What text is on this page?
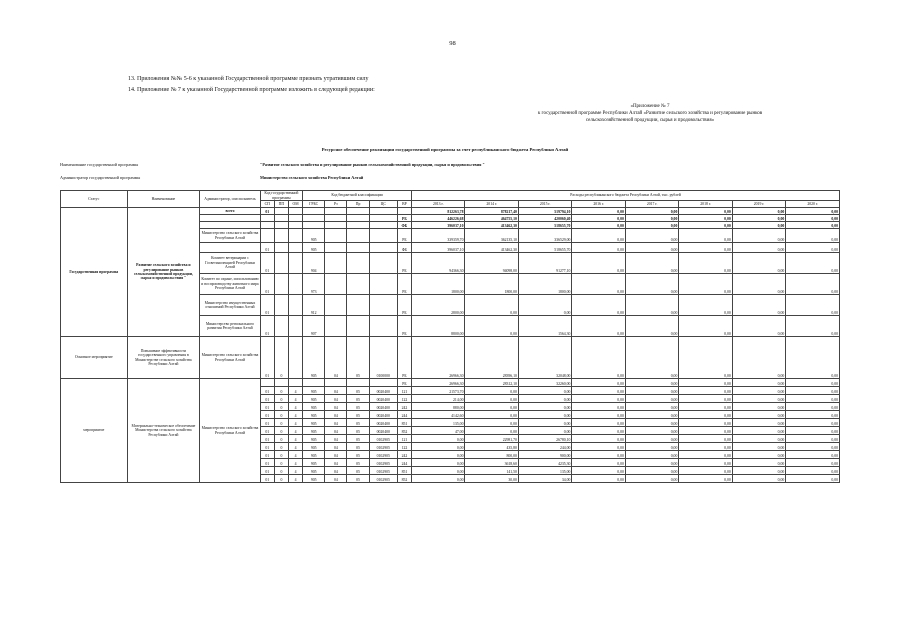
98
13. Приложения №№ 5-6 к указанной Государственной программе признать утратившим силу
14. Приложение № 7 к указанной Государственной программе изложить в следующей редакции:
«Приложение № 7
к государственной программе Республики Алтай «Развитие сельского хозяйства и регулирование рынков
сельскохозяйственной продукции, сырья и продовольствия»
Ресурсное обеспечение реализации государственной программы за счет республиканского бюджета Республики Алтай
Наименование государственной программы	"Развитие сельского хозяйства и регулирование рынков сельскохозяйственной продукции, сырья и продовольствия "
Администратор государственной программы	Министерство сельского хозяйства Республики Алтай
Статус	Наименование	Администратор, соисполнитель	Код государственной программы			Код бюджетной классификации					Расходы республиканского бюджета Республики Алтай, тыс. рублей							
			СП	ПП	ОМ	ГРБС	Рз	Пр	ЦС	ВР	2013 г.	2014 г.	2015 г.	2016 г.	2017 г.	2018 г.	2019 г.	2020 г.
Государственная программа	Развитие сельского хозяйства и регулирование рынков сельскохозяйственной продукции, сырья и продовольствия "	всего	01								812263,78	878217,40	519794,10	0,00	0,00	0,00	0,00	0,00
										РБ	446226,68	464755,10	420060,40	0,00	0,00	0,00	0,00	0,00
										ФБ	396037,10	413462,30	518655,70	0,00	0,00	0,00	0,00	0,00
		Министерство сельского хозяйства Республики Алтай				905				РБ	339359,70	362135,10	336529,00	0,00	0,00	0,00	0,00	0,00
			01			905				ФБ	396037,10	413462,30	518655,70	0,00	0,00	0,00	0,00	0,00
		Комитет ветеринарии с Госветинспекцией Республики Алтай	01			904				РБ	94366,30	94098,00	91277,10	0,00	0,00	0,00	0,00	0,00
		Комитет по охране, использованию и воспроизводству животного мира Республики Алтай	01			973				РБ	1800,00	1800,00	1800,00	0,00	0,00	0,00	0,00	0,00
		Министерство имущественных отношений Республики Алтай	01			912				РБ	2800,00	0,00	0,00	0,00	0,00	0,00	0,00	0,00
		Министерство регионального развития Республики Алтай	01			907				РБ	8800,00	0,00	1564,30	0,00	0,00	0,00	0,00	0,00
Основное мероприятие	Повышение эффективности государственного управления в Министерстве сельского хозяйства Республики Алтай	Министерство сельского хозяйства Республики Алтай	01	0		905	04	05	0100000	РБ	26966,30	28396,10	32048,00	0,00	0,00	0,00	0,00	0,00
мероприятие	Материально-техническое обеспечение Министерства сельского хозяйства Республики Алтай	Министерство сельского хозяйства Республики Алтай								РБ	26966,30	28312,10	32260,00	0,00	0,00	0,00	0,00	0,00
			01	0	4	905	04	05	0020400	121	21573,70	0,00	0,00	0,00	0,00	0,00	0,00	0,00
			01	0	4	905	04	05	0020400	122	214,00	0,00	0,00	0,00	0,00	0,00	0,00	0,00
			01	0	4	905	04	05	0020400	242	880,00	0,00	0,00	0,00	0,00	0,00	0,00	0,00
			01	0	4	905	04	05	0020400	244	4142,60	0,00	0,00	0,00	0,00	0,00	0,00	0,00
			01	0	4	905	04	05	0020400	851	135,00	0,00	0,00	0,00	0,00	0,00	0,00	0,00
			01	0	4	905	04	05	0020400	852	47,00	0,00	0,00	0,00	0,00	0,00	0,00	0,00
			01	0	4	905	04	05	0102905	121	0,00	22981,70	26780,10	0,00	0,00	0,00	0,00	0,00
			01	0	4	905	04	05	0102905	122	0,00	435,80	244,00	0,00	0,00	0,00	0,00	0,00
			01	0	4	905	04	05	0102905	242	0,00	800,00	900,00	0,00	0,00	0,00	0,00	0,00
			01	0	4	905	04	05	0102905	244	0,00	3618,60	4235,30	0,00	0,00	0,00	0,00	0,00
			01	0	4	905	04	05	0102905	851	0,00	141,50	135,00	0,00	0,00	0,00	0,00	0,00
			01	0	4	905	04	05	0102905	852	0,00	30,00	34,00	0,00	0,00	0,00	0,00	0,00
